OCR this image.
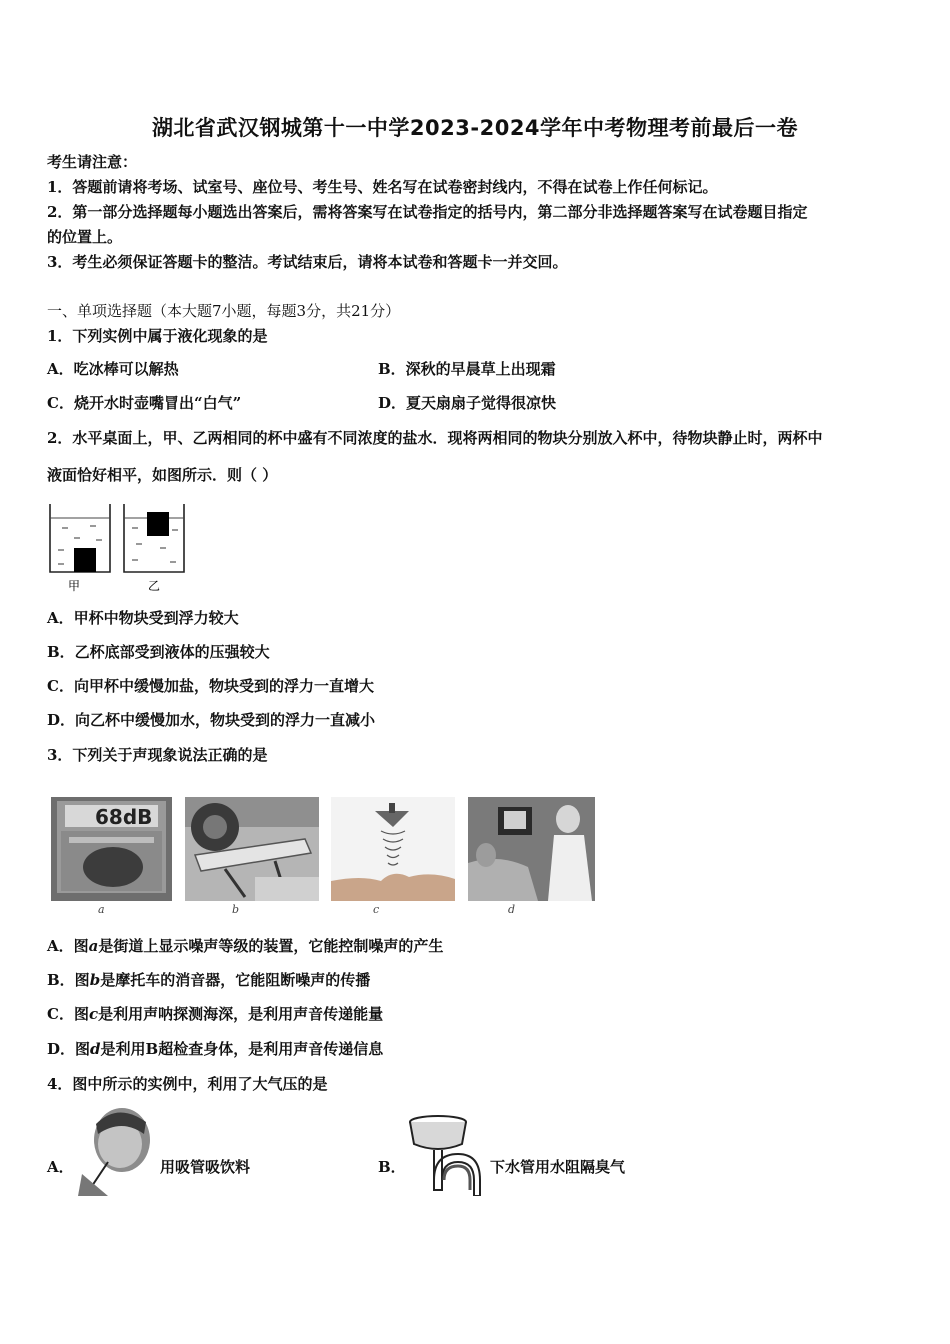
湖北省武汉钢城第十一中学2023-2024学年中考物理考前最后一卷
考生请注意：
1．答题前请将考场、试室号、座位号、考生号、姓名写在试卷密封线内，不得在试卷上作任何标记。
2．第一部分选择题每小题选出答案后，需将答案写在试卷指定的括号内，第二部分非选择题答案写在试卷题目指定
的位置上。
3．考生必须保证答题卡的整洁。考试结束后，请将本试卷和答题卡一并交回。
一、单项选择题（本大题7小题，每题3分，共21分）
1．下列实例中属于液化现象的是
A．吃冰棒可以解热	B．深秋的早晨草上出现霜
C．烧开水时壶嘴冒出“白气”	D．夏天扇扇子觉得很凉快
2．水平桌面上，甲、乙两相同的杯中盛有不同浓度的盐水．现将两相同的物块分别放入杯中，待物块静止时，两杯中
液面恰好相平，如图所示．则（ ）
甲	乙
A．甲杯中物块受到浮力较大
B．乙杯底部受到液体的压强较大
C．向甲杯中缓慢加盐，物块受到的浮力一直增大
D．向乙杯中缓慢加水，物块受到的浮力一直减小
3．下列关于声现象说法正确的是
68dB
a	b	c	d
A．图a是街道上显示噪声等级的装置，它能控制噪声的产生
B．图b是摩托车的消音器，它能阻断噪声的传播
C．图c是利用声呐探测海深，是利用声音传递能量
D．图d是利用B超检查身体，是利用声音传递信息
4．图中所示的实例中，利用了大气压的是
A．	用吸管吸饮料	B．	下水管用水阻隔臭气
